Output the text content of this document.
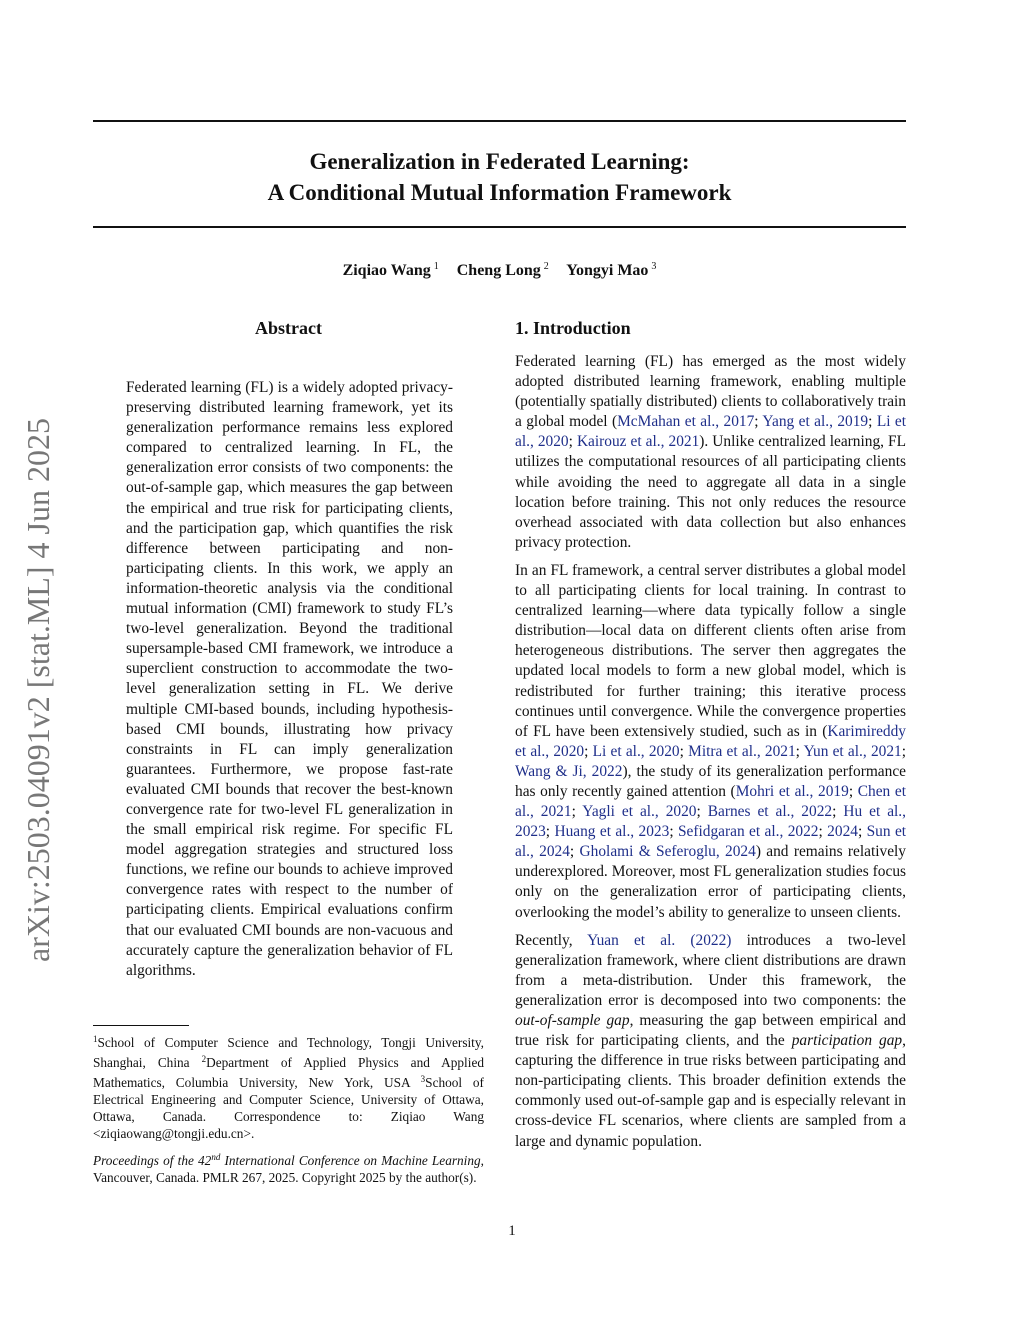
Generalization in Federated Learning:
A Conditional Mutual Information Framework
Ziqiao Wang $^1$ Cheng Long $^2$ Yongyi Mao $^3$
arXiv:2503.04091v2 [stat.ML] 4 Jun 2025
Abstract
Federated learning (FL) is a widely adopted privacy-preserving distributed learning framework, yet its generalization performance remains less explored compared to centralized learning. In FL, the generalization error consists of two components: the out-of-sample gap, which measures the gap between the empirical and true risk for participating clients, and the participation gap, which quantifies the risk difference between participating and non-participating clients. In this work, we apply an information-theoretic analysis via the conditional mutual information (CMI) framework to study FL’s two-level generalization. Beyond the traditional supersample-based CMI framework, we introduce a superclient construction to accommodate the two-level generalization setting in FL. We derive multiple CMI-based bounds, including hypothesis-based CMI bounds, illustrating how privacy constraints in FL can imply generalization guarantees. Furthermore, we propose fast-rate evaluated CMI bounds that recover the best-known convergence rate for two-level FL generalization in the small empirical risk regime. For specific FL model aggregation strategies and structured loss functions, we refine our bounds to achieve improved convergence rates with respect to the number of participating clients. Empirical evaluations confirm that our evaluated CMI bounds are non-vacuous and accurately capture the generalization behavior of FL algorithms.
1. Introduction

Federated learning (FL) has emerged as the most widely adopted distributed learning framework, enabling multiple (potentially spatially distributed) clients to collaboratively train a global model (McMahan et al., 2017; Yang et al., 2019; Li et al., 2020; Kairouz et al., 2021). Unlike centralized learning, FL utilizes the computational resources of all participating clients while avoiding the need to aggregate all data in a single location before training. This not only reduces the resource overhead associated with data collection but also enhances privacy protection.

In an FL framework, a central server distributes a global model to all participating clients for local training. In contrast to centralized learning—where data typically follow a single distribution—local data on different clients often arise from heterogeneous distributions. The server then aggregates the updated local models to form a new global model, which is redistributed for further training; this iterative process continues until convergence. While the convergence properties of FL have been extensively studied, such as in (Karimireddy et al., 2020; Li et al., 2020; Mitra et al., 2021; Yun et al., 2021; Wang & Ji, 2022), the study of its generalization performance has only recently gained attention (Mohri et al., 2019; Chen et al., 2021; Yagli et al., 2020; Barnes et al., 2022; Hu et al., 2023; Huang et al., 2023; Sefidgaran et al., 2022; 2024; Sun et al., 2024; Gholami & Seferoglu, 2024) and remains relatively underexplored. Moreover, most FL generalization studies focus only on the generalization error of participating clients, overlooking the model’s ability to generalize to unseen clients.

Recently, Yuan et al. (2022) introduces a two-level generalization framework, where client distributions are drawn from a meta-distribution. Under this framework, the generalization error is decomposed into two components: the out-of-sample gap, measuring the gap between empirical and true risk for participating clients, and the participation gap, capturing the difference in true risks between participating and non-participating clients. This broader definition extends the commonly used out-of-sample gap and is especially relevant in cross-device FL scenarios, where clients are sampled from a large and dynamic population.

$^1$School of Computer Science and Technology, Tongji University, Shanghai, China $^2$Department of Applied Physics and Applied Mathematics, Columbia University, New York, USA $^3$School of Electrical Engineering and Computer Science, University of Ottawa, Ottawa, Canada. Correspondence to: Ziqiao Wang <ziqiaowang@tongji.edu.cn>.
Proceedings of the 42nd International Conference on Machine Learning, Vancouver, Canada. PMLR 267, 2025. Copyright 2025 by the author(s).
1
